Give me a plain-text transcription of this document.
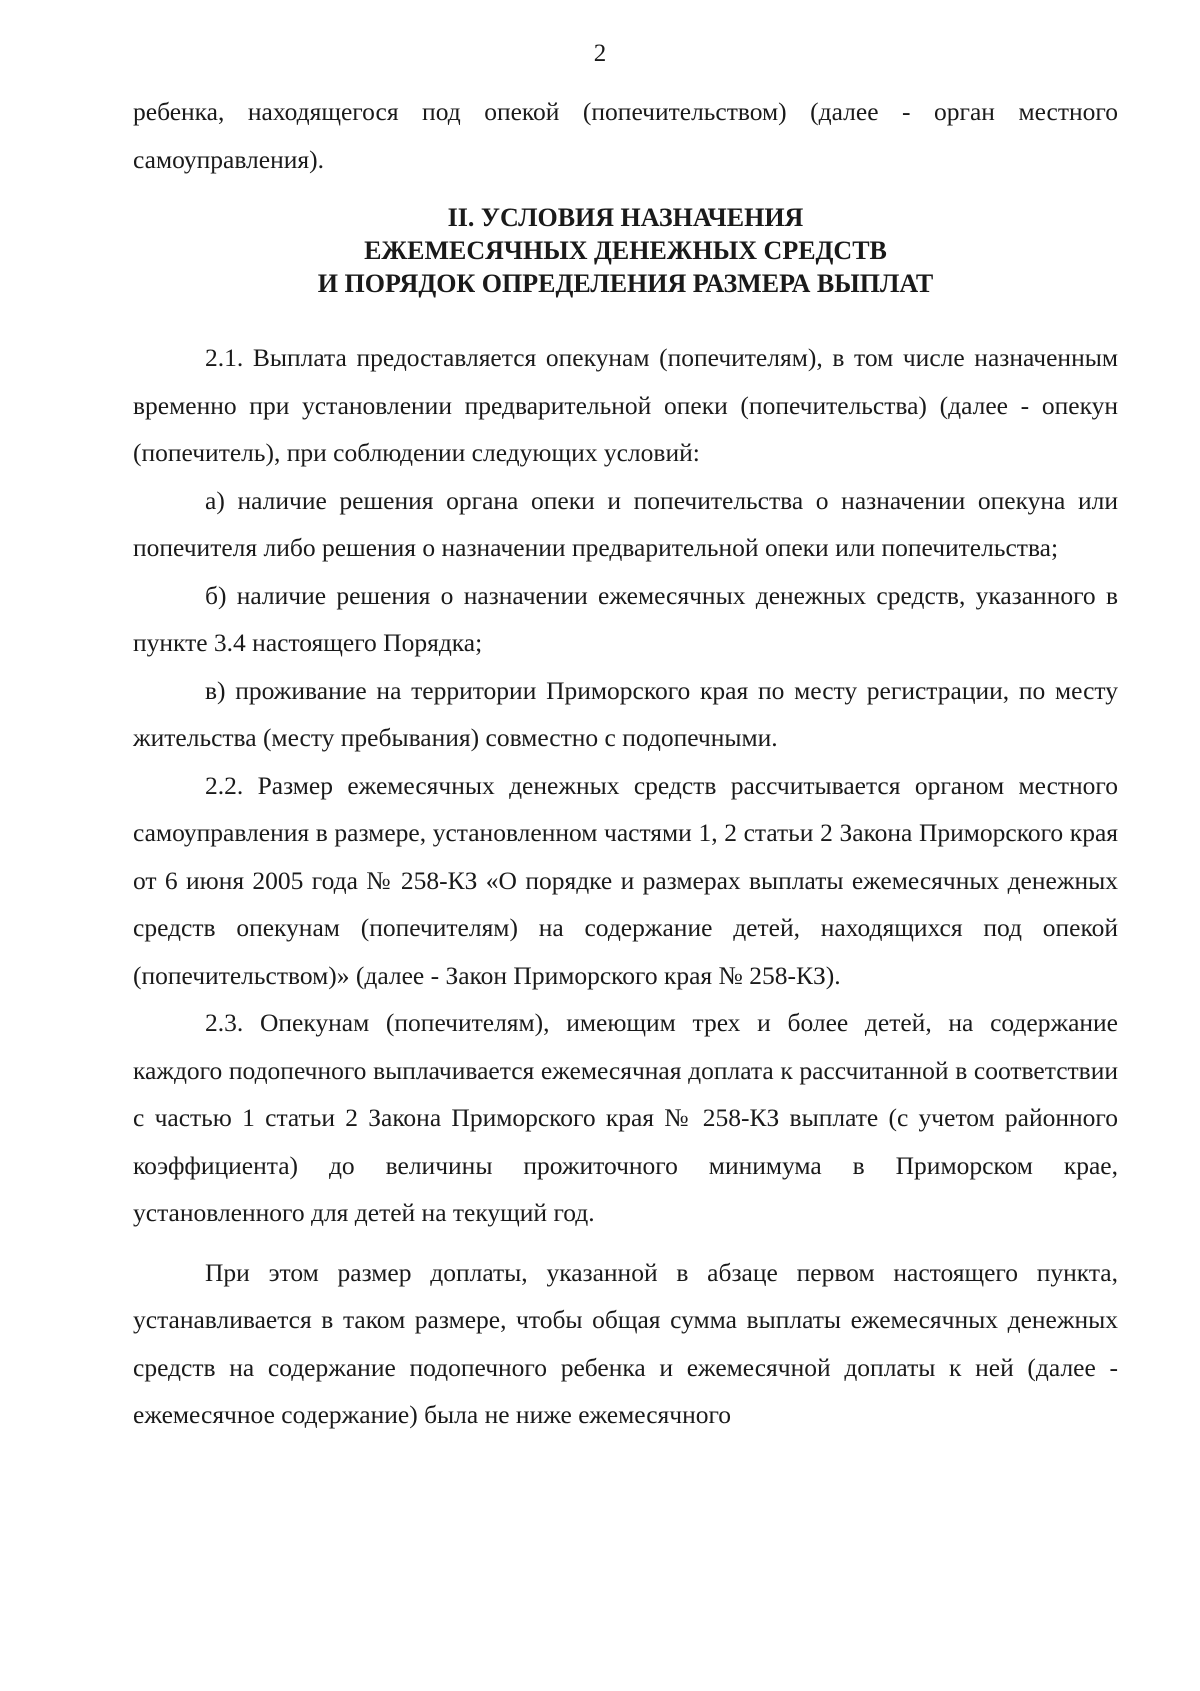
2

ребенка, находящегося под опекой (попечительством) (далее - орган местного самоуправления).

II. УСЛОВИЯ НАЗНАЧЕНИЯ
ЕЖЕМЕСЯЧНЫХ ДЕНЕЖНЫХ СРЕДСТВ
И ПОРЯДОК ОПРЕДЕЛЕНИЯ РАЗМЕРА ВЫПЛАТ

2.1. Выплата предоставляется опекунам (попечителям), в том числе назначенным временно при установлении предварительной опеки (попечительства) (далее - опекун (попечитель), при соблюдении следующих условий:

а) наличие решения органа опеки и попечительства о назначении опекуна или попечителя либо решения о назначении предварительной опеки или попечительства;

б) наличие решения о назначении ежемесячных денежных средств, указанного в пункте 3.4 настоящего Порядка;

в) проживание на территории Приморского края по месту регистрации, по месту жительства (месту пребывания) совместно с подопечными.

2.2. Размер ежемесячных денежных средств рассчитывается органом местного самоуправления в размере, установленном частями 1, 2 статьи 2 Закона Приморского края от 6 июня 2005 года № 258-КЗ «О порядке и размерах выплаты ежемесячных денежных средств опекунам (попечителям) на содержание детей, находящихся под опекой (попечительством)» (далее - Закон Приморского края № 258-КЗ).

2.3. Опекунам (попечителям), имеющим трех и более детей, на содержание каждого подопечного выплачивается ежемесячная доплата к рассчитанной в соответствии с частью 1 статьи 2 Закона Приморского края № 258-КЗ выплате (с учетом районного коэффициента) до величины прожиточного минимума в Приморском крае, установленного для детей на текущий год.

При этом размер доплаты, указанной в абзаце первом настоящего пункта, устанавливается в таком размере, чтобы общая сумма выплаты ежемесячных денежных средств на содержание подопечного ребенка и ежемесячной доплаты к ней (далее - ежемесячное содержание) была не ниже ежемесячного
